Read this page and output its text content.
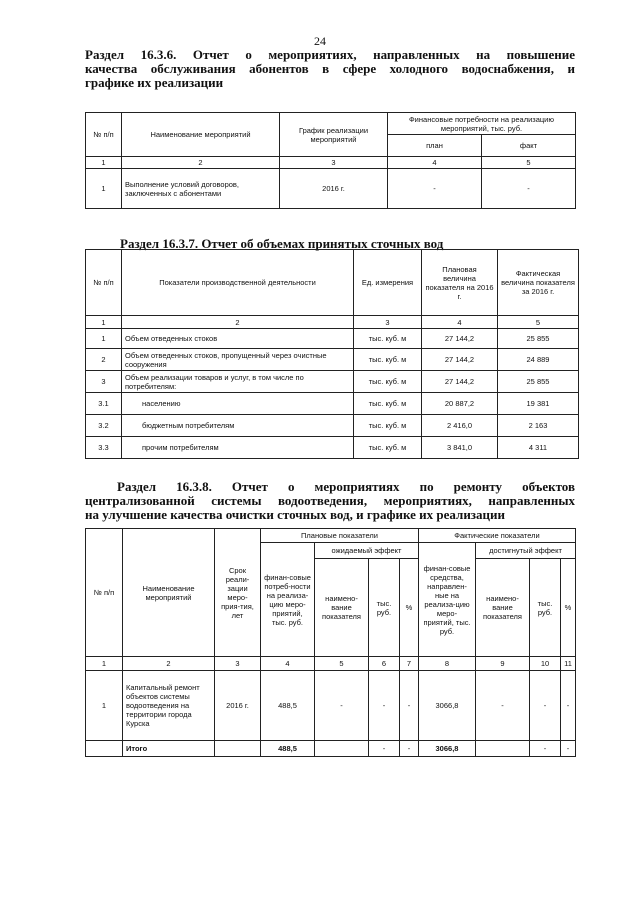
24
Раздел 16.3.6. Отчет о мероприятиях, направленных на повышение
качества обслуживания абонентов в сфере холодного водоснабжения, и
графике их реализации
№ п/п	Наименование мероприятий	График реализации мероприятий	Финансовые потребности на реализацию мероприятий, тыс. руб.	
			план	факт
1	2	3	4	5
1	Выполнение условий договоров, заключенных с абонентами	2016 г.	-	-
Раздел 16.3.7. Отчет об объемах принятых сточных вод
№ п/п	Показатели производственной деятельности	Ед. измерения	Плановая величина показателя на 2016 г.	Фактическая величина показателя за 2016 г.
1	2	3	4	5
1	Объем отведенных стоков	тыс. куб. м	27 144,2	25 855
2	Объем отведенных стоков, пропущенный через очистные сооружения	тыс. куб. м	27 144,2	24 889
3	Объем реализации товаров и услуг, в том числе по потребителям:	тыс. куб. м	27 144,2	25 855
3.1	населению	тыс. куб. м	20 887,2	19 381
3.2	бюджетным потребителям	тыс. куб. м	2 416,0	2 163
3.3	прочим потребителям	тыс. куб. м	3 841,0	4 311
Раздел 16.3.8. Отчет о мероприятиях по ремонту объектов
централизованной системы водоотведения, мероприятиях, направленных
на улучшение качества очистки сточных вод, и графике их реализации
№ п/п	Наименование мероприятий	Срок реали-зации меро-прия-тия, лет	Плановые показатели				Фактические показатели			
			финан-совые потреб-ности на реализа-цию меро-приятий, тыс. руб.	ожидаемый эффект			финан-совые средства, направлен-ные на реализа-цию меро-приятий, тыс. руб.	достигнутый эффект		
				наимено-вание показателя	тыс. руб.	%		наимено-вание показателя	тыс. руб.	%
1	2	3	4	5	6	7	8	9	10	11
1	Капитальный ремонт объектов системы водоотведения на территории города Курска	2016 г.	488,5	-	-	-	3066,8	-	-	-
	Итого		488,5		-	-	3066,8		-	-
